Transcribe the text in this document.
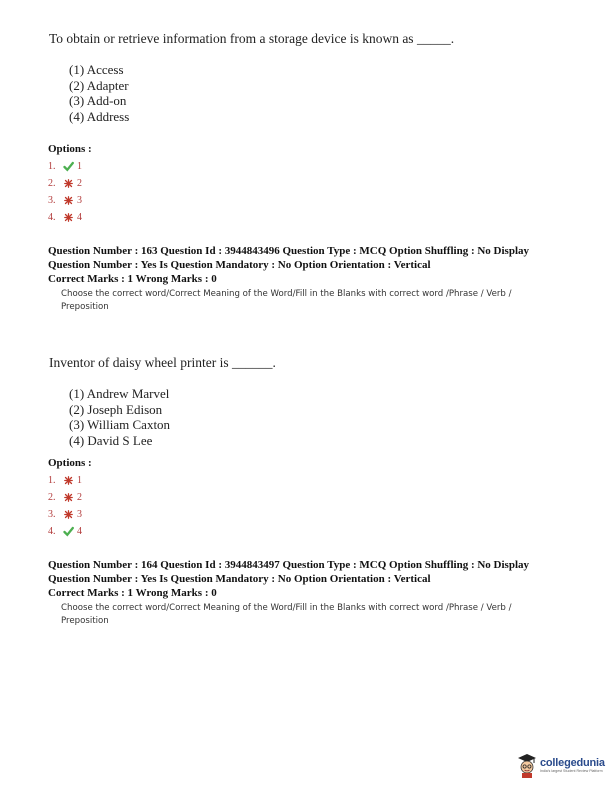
To obtain or retrieve information from a storage device is known as _____.
(1) Access
(2) Adapter
(3) Add-on
(4) Address
Options :
1.	1
2.	2
3.	3
4.	4
Question Number : 163 Question Id : 3944843496 Question Type : MCQ Option Shuffling : No Display
Question Number : Yes Is Question Mandatory : No Option Orientation : Vertical
Correct Marks : 1 Wrong Marks : 0
Choose the correct word/Correct Meaning of the Word/Fill in the Blanks with correct word /Phrase / Verb /
Preposition
Inventor of daisy wheel printer is ______.
(1) Andrew Marvel
(2) Joseph Edison
(3) William Caxton
(4) David S Lee
Options :
1.	1
2.	2
3.	3
4.	4
Question Number : 164 Question Id : 3944843497 Question Type : MCQ Option Shuffling : No Display
Question Number : Yes Is Question Mandatory : No Option Orientation : Vertical
Correct Marks : 1 Wrong Marks : 0
Choose the correct word/Correct Meaning of the Word/Fill in the Blanks with correct word /Phrase / Verb /
Preposition
collegedunia
India's largest Student Review Platform
